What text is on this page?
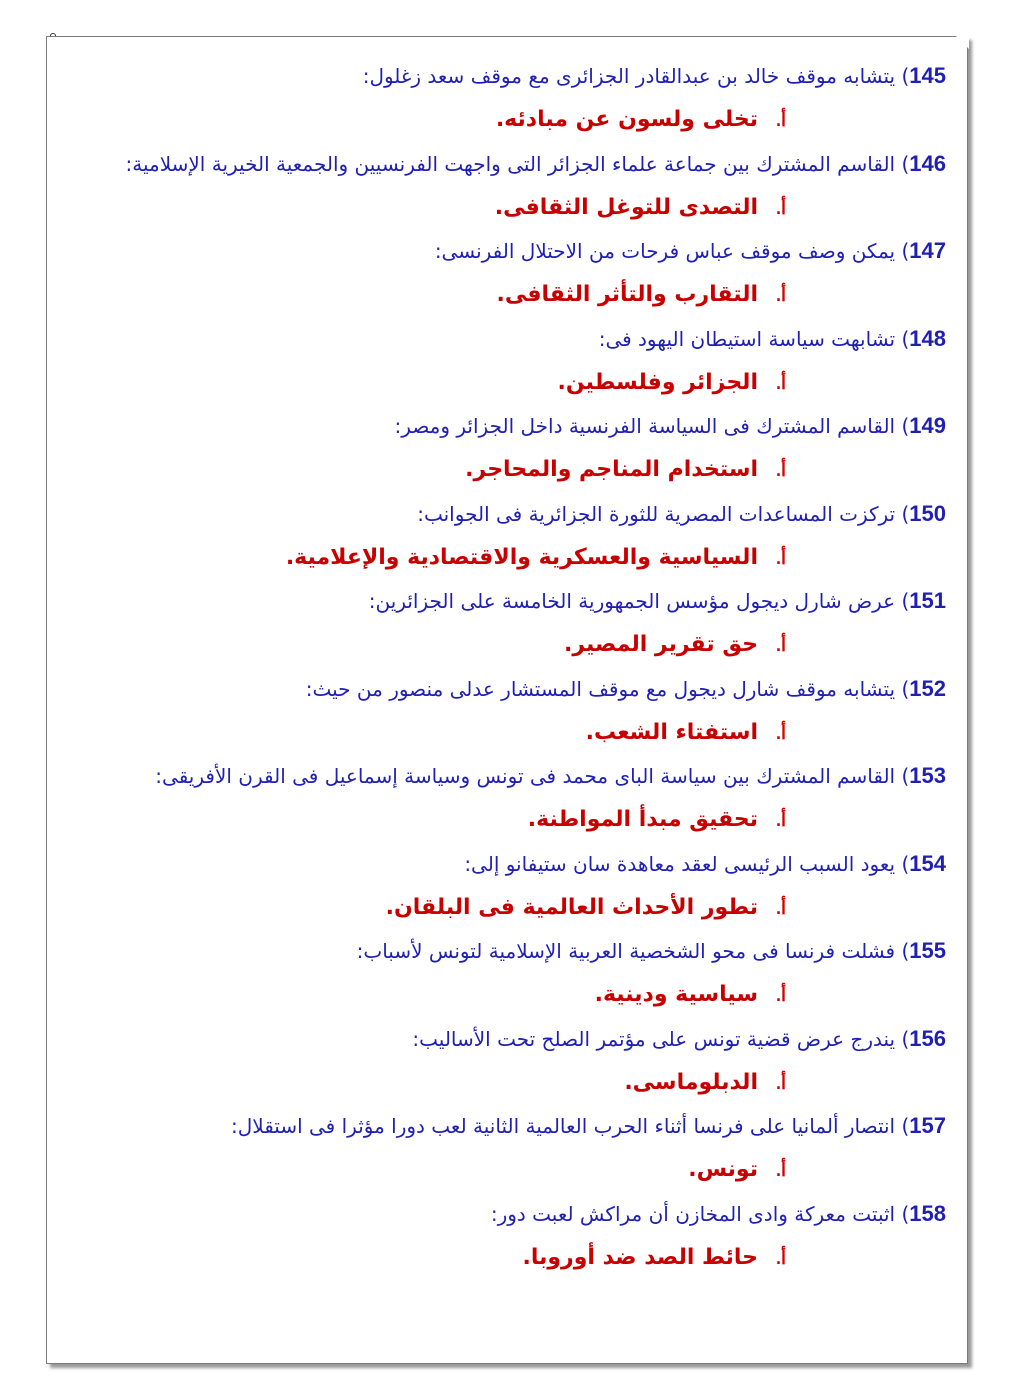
145) يتشابه موقف خالد بن عبدالقادر الجزائرى مع موقف سعد زغلول:
أ.تخلى ولسون عن مبادئه.
146) القاسم المشترك بين جماعة علماء الجزائر التى واجهت الفرنسيين والجمعية الخيرية الإسلامية:
أ.التصدى للتوغل الثقافى.
147) يمكن وصف موقف عباس فرحات من الاحتلال الفرنسى:
أ.التقارب والتأثر الثقافى.
148) تشابهت سياسة استيطان اليهود فى:
أ.الجزائر وفلسطين.
149) القاسم المشترك فى السياسة الفرنسية داخل الجزائر ومصر:
أ.استخدام المناجم والمحاجر.
150) تركزت المساعدات المصرية للثورة الجزائرية فى الجوانب:
أ.السياسية والعسكرية والاقتصادية والإعلامية.
151) عرض شارل ديجول مؤسس الجمهورية الخامسة على الجزائرين:
أ.حق تقرير المصير.
152) يتشابه موقف شارل ديجول مع موقف المستشار عدلى منصور من حيث:
أ.استفتاء الشعب.
153) القاسم المشترك بين سياسة الباى محمد فى تونس وسياسة إسماعيل فى القرن الأفريقى:
أ.تحقيق مبدأ المواطنة.
154) يعود السبب الرئيسى لعقد معاهدة سان ستيفانو إلى:
أ.تطور الأحداث العالمية فى البلقان.
155) فشلت فرنسا فى محو الشخصية العربية الإسلامية لتونس لأسباب:
أ.سياسية ودينية.
156) يندرج عرض قضية تونس على مؤتمر الصلح تحت الأساليب:
أ.الدبلوماسى.
157) انتصار ألمانيا على فرنسا أثناء الحرب العالمية الثانية لعب دورا مؤثرا فى استقلال:
أ.تونس.
158) اثبتت معركة وادى المخازن أن مراكش لعبت دور:
أ.حائط الصد ضد أوروبا.
